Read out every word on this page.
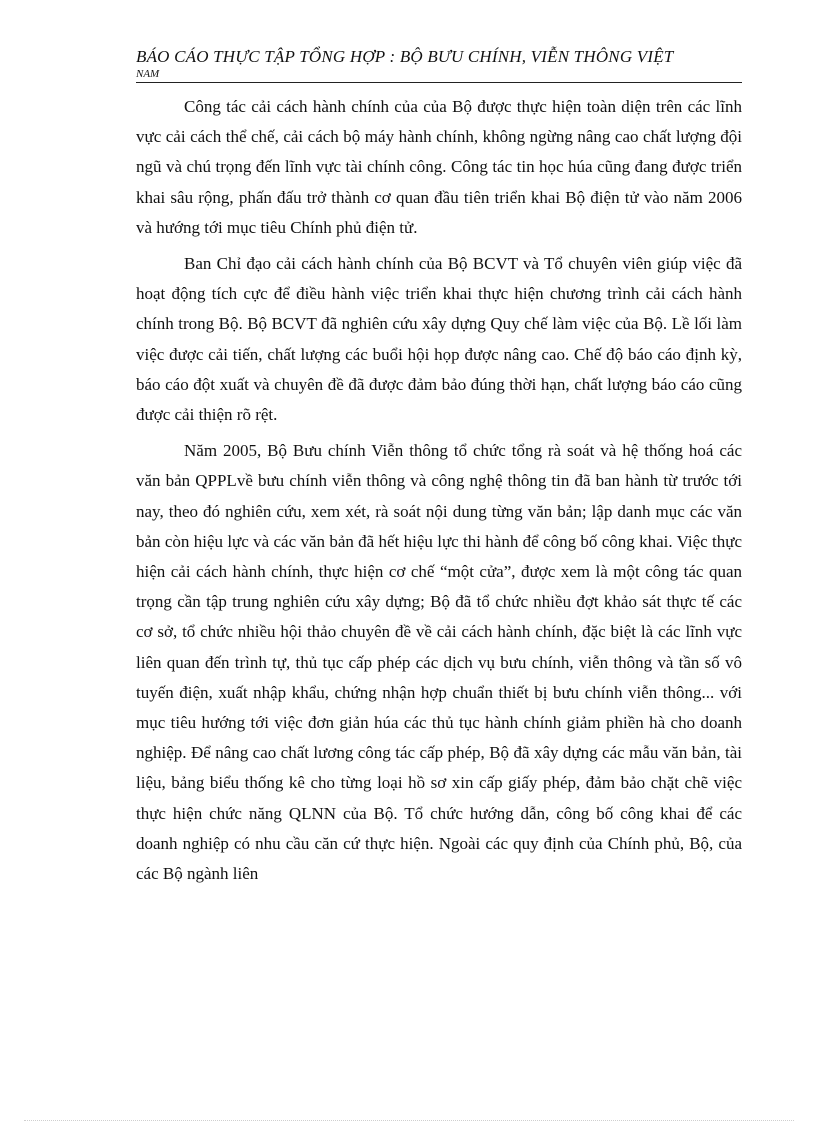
BÁO CÁO THỰC TẬP TỔNG HỢP : BỘ BƯU CHÍNH, VIỄN THÔNG VIỆT

NAM

Công tác cải cách hành chính của của Bộ được thực hiện toàn diện trên các lĩnh vực cải cách thể chế, cải cách bộ máy hành chính, không ngừng nâng cao chất lượng đội ngũ và chú trọng đến lĩnh vực tài chính công. Công tác tin học húa cũng đang được triển khai sâu rộng, phấn đấu trở thành cơ quan đầu tiên triển khai Bộ điện tử vào năm 2006 và hướng tới mục tiêu Chính phủ điện tử.

Ban Chỉ đạo cải cách hành chính của Bộ BCVT và Tổ chuyên viên giúp việc đã hoạt động tích cực để điều hành việc triển khai thực hiện chương trình cải cách hành chính trong Bộ. Bộ BCVT đã nghiên cứu xây dựng Quy chế làm việc của Bộ. Lề lối làm việc được cải tiến, chất lượng các buổi hội họp được nâng cao. Chế độ báo cáo định kỳ, báo cáo đột xuất và chuyên đề đã được đảm bảo đúng thời hạn, chất lượng báo cáo cũng được cải thiện rõ rệt.

Năm 2005, Bộ Bưu chính Viễn thông tổ chức tổng rà soát và hệ thống hoá các văn bản QPPLvề bưu chính viễn thông và công nghệ thông tin đã ban hành từ trước tới nay, theo đó nghiên cứu, xem xét, rà soát nội dung từng văn bản; lập danh mục các văn bản còn hiệu lực và các văn bản đã hết hiệu lực thi hành để công bố công khai. Việc thực hiện cải cách hành chính, thực hiện cơ chế “một cửa”, được xem là một công tác quan trọng cần tập trung nghiên cứu xây dựng; Bộ đã tổ chức nhiều đợt khảo sát thực tế các cơ sở, tổ chức nhiều hội thảo chuyên đề về cải cách hành chính, đặc biệt là các lĩnh vực liên quan đến trình tự, thủ tục cấp phép các dịch vụ bưu chính, viễn thông và tần số vô tuyến điện, xuất nhập khẩu, chứng nhận hợp chuẩn thiết bị bưu chính viễn thông... với mục tiêu hướng tới việc đơn giản húa các thủ tục hành chính giảm phiền hà cho doanh nghiệp. Để nâng cao chất lương công tác cấp phép, Bộ đã xây dựng các mẫu văn bản, tài liệu, bảng biểu thống kê cho từng loại hồ sơ xin cấp giấy phép, đảm bảo chặt chẽ việc thực hiện chức năng QLNN của Bộ. Tổ chức hướng dẫn, công bố công khai để các doanh nghiệp có nhu cầu căn cứ thực hiện. Ngoài các quy định của Chính phủ, Bộ, của các Bộ ngành liên
